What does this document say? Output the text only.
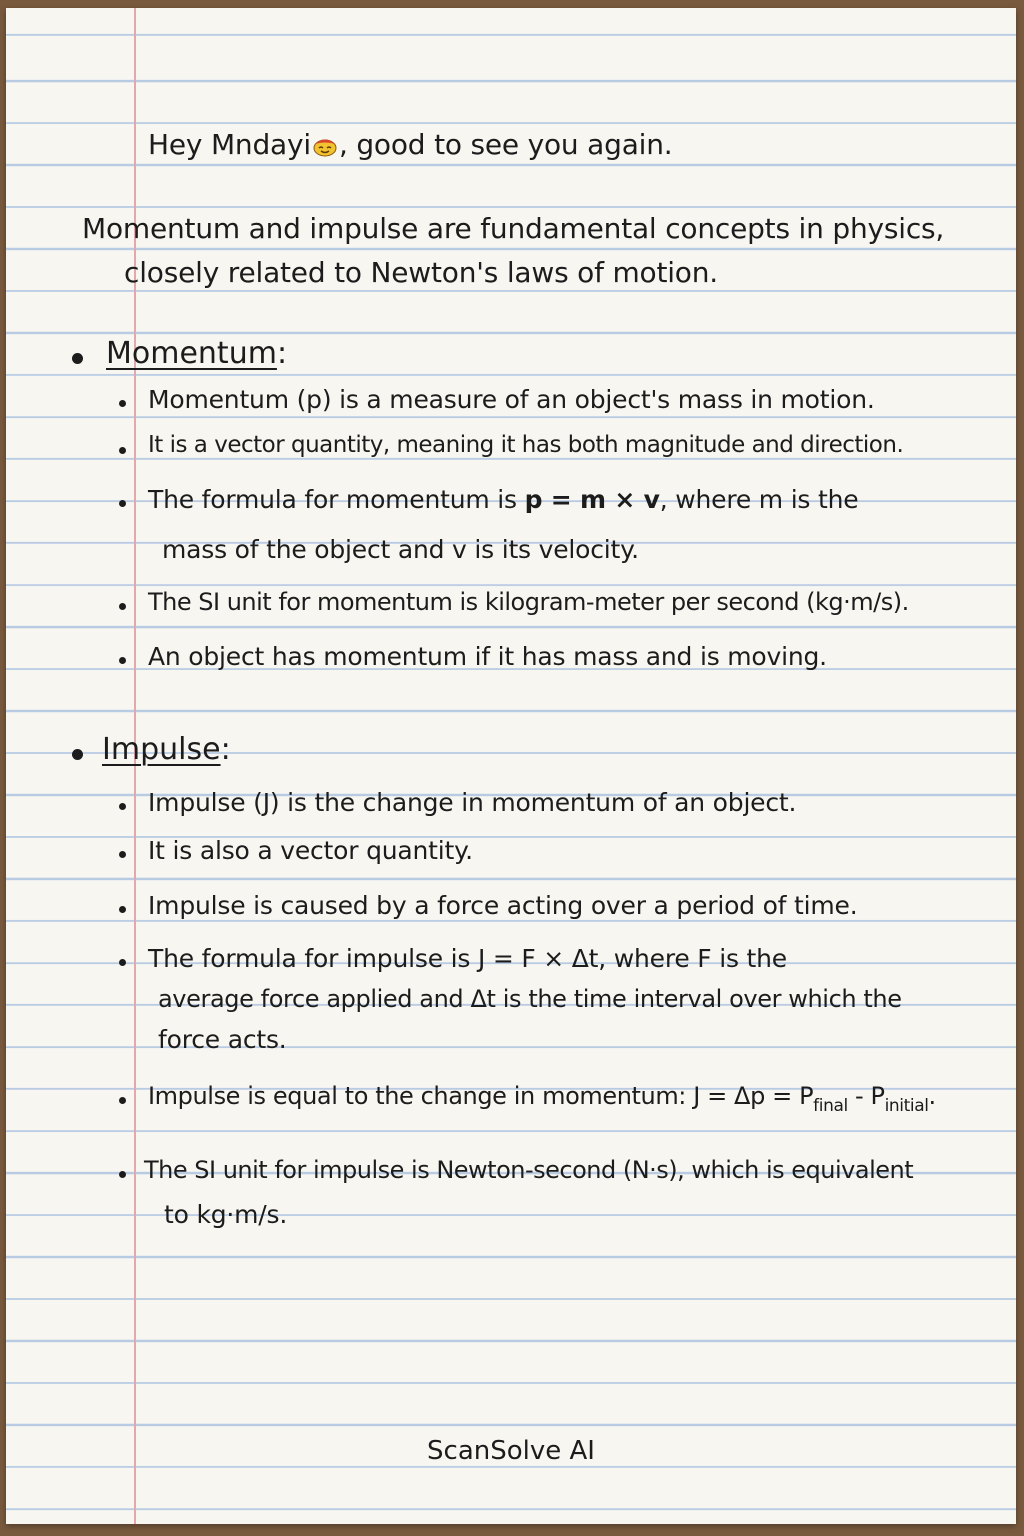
Hey Mndayi , good to see you again.
Momentum and impulse are fundamental concepts in physics,
closely related to Newton's laws of motion.
Momentum:
Momentum (p) is a measure of an object's mass in motion.
It is a vector quantity, meaning it has both magnitude and direction.
The formula for momentum is p = m × v, where m is the
mass of the object and v is its velocity.
The SI unit for momentum is kilogram-meter per second (kg·m/s).
An object has momentum if it has mass and is moving.
Impulse:
Impulse (J) is the change in momentum of an object.
It is also a vector quantity.
Impulse is caused by a force acting over a period of time.
The formula for impulse is J = F × Δt, where F is the
average force applied and Δt is the time interval over which the
force acts.
Impulse is equal to the change in momentum: $J = \Delta p = P_{final} - P_{initial}$.
The SI unit for impulse is Newton-second (N·s), which is equivalent
to kg·m/s.
ScanSolve AI
